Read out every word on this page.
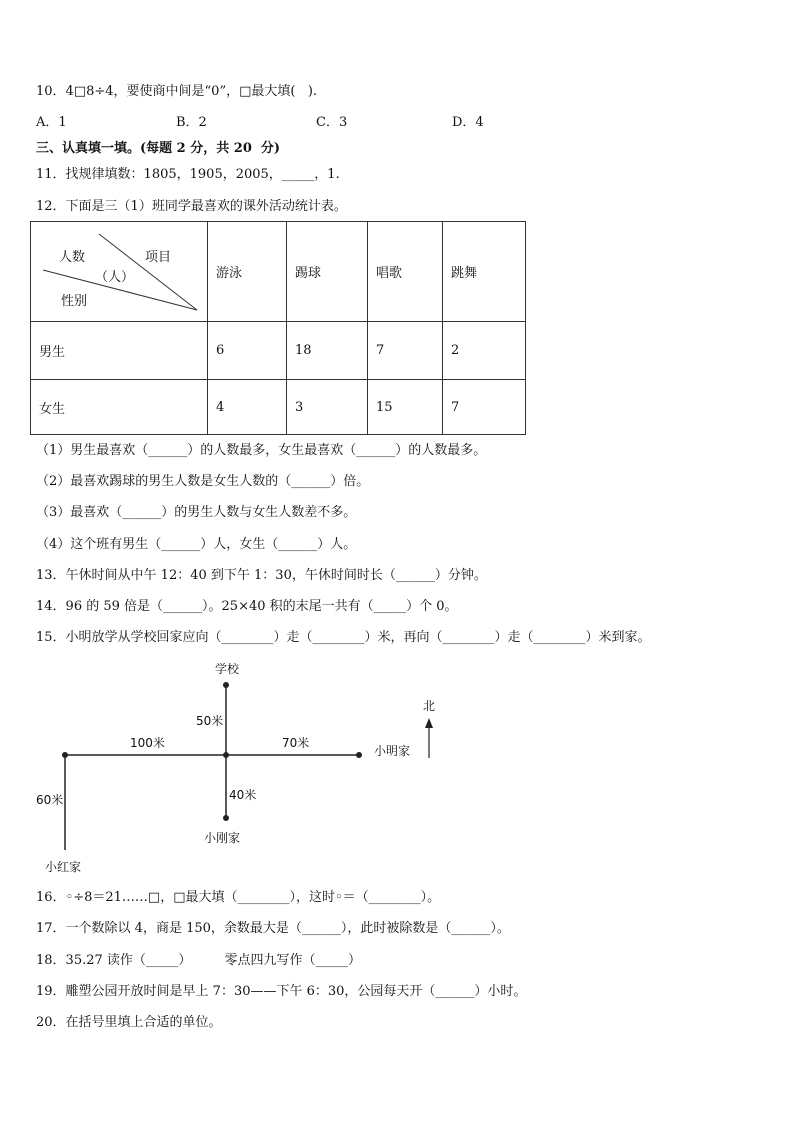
10．4□8÷4，要使商中间是“0”，□最大填(   ).
A．1	B．2	C．3	D．4
三、认真填一填。(每题 2 分，共 20  分)
11．找规律填数：1805，1905，2005，_____，1.
12．下面是三（1）班同学最喜欢的课外活动统计表。
人数 项目
（人）
性别	游泳	踢球	唱歌	跳舞
男生	6	18	7	2
女生	4	3	15	7
（1）男生最喜欢（______）的人数最多，女生最喜欢（______）的人数最多。
（2）最喜欢踢球的男生人数是女生人数的（______）倍。
（3）最喜欢（______）的男生人数与女生人数差不多。
（4）这个班有男生（______）人，女生（______）人。
13．午休时间从中午 12：40 到下午 1：30，午休时间时长（______）分钟。
14．96 的 59 倍是（______）。25×40 积的末尾一共有（_____）个 0。
15．小明放学从学校回家应向（________）走（________）米，再向（________）走（________）米到家。
学校
50米
100米	70米
小明家
北
60米	40米
小刚家
小红家
16．◦÷8＝21……□，□最大填（________），这时◦＝（________）。
17．一个数除以 4，商是 150，余数最大是（______），此时被除数是（______）。
18．35.27 读作（_____）        零点四九写作（_____）
19．雕塑公园开放时间是早上 7：30——下午 6：30，公园每天开（______）小时。
20．在括号里填上合适的单位。
